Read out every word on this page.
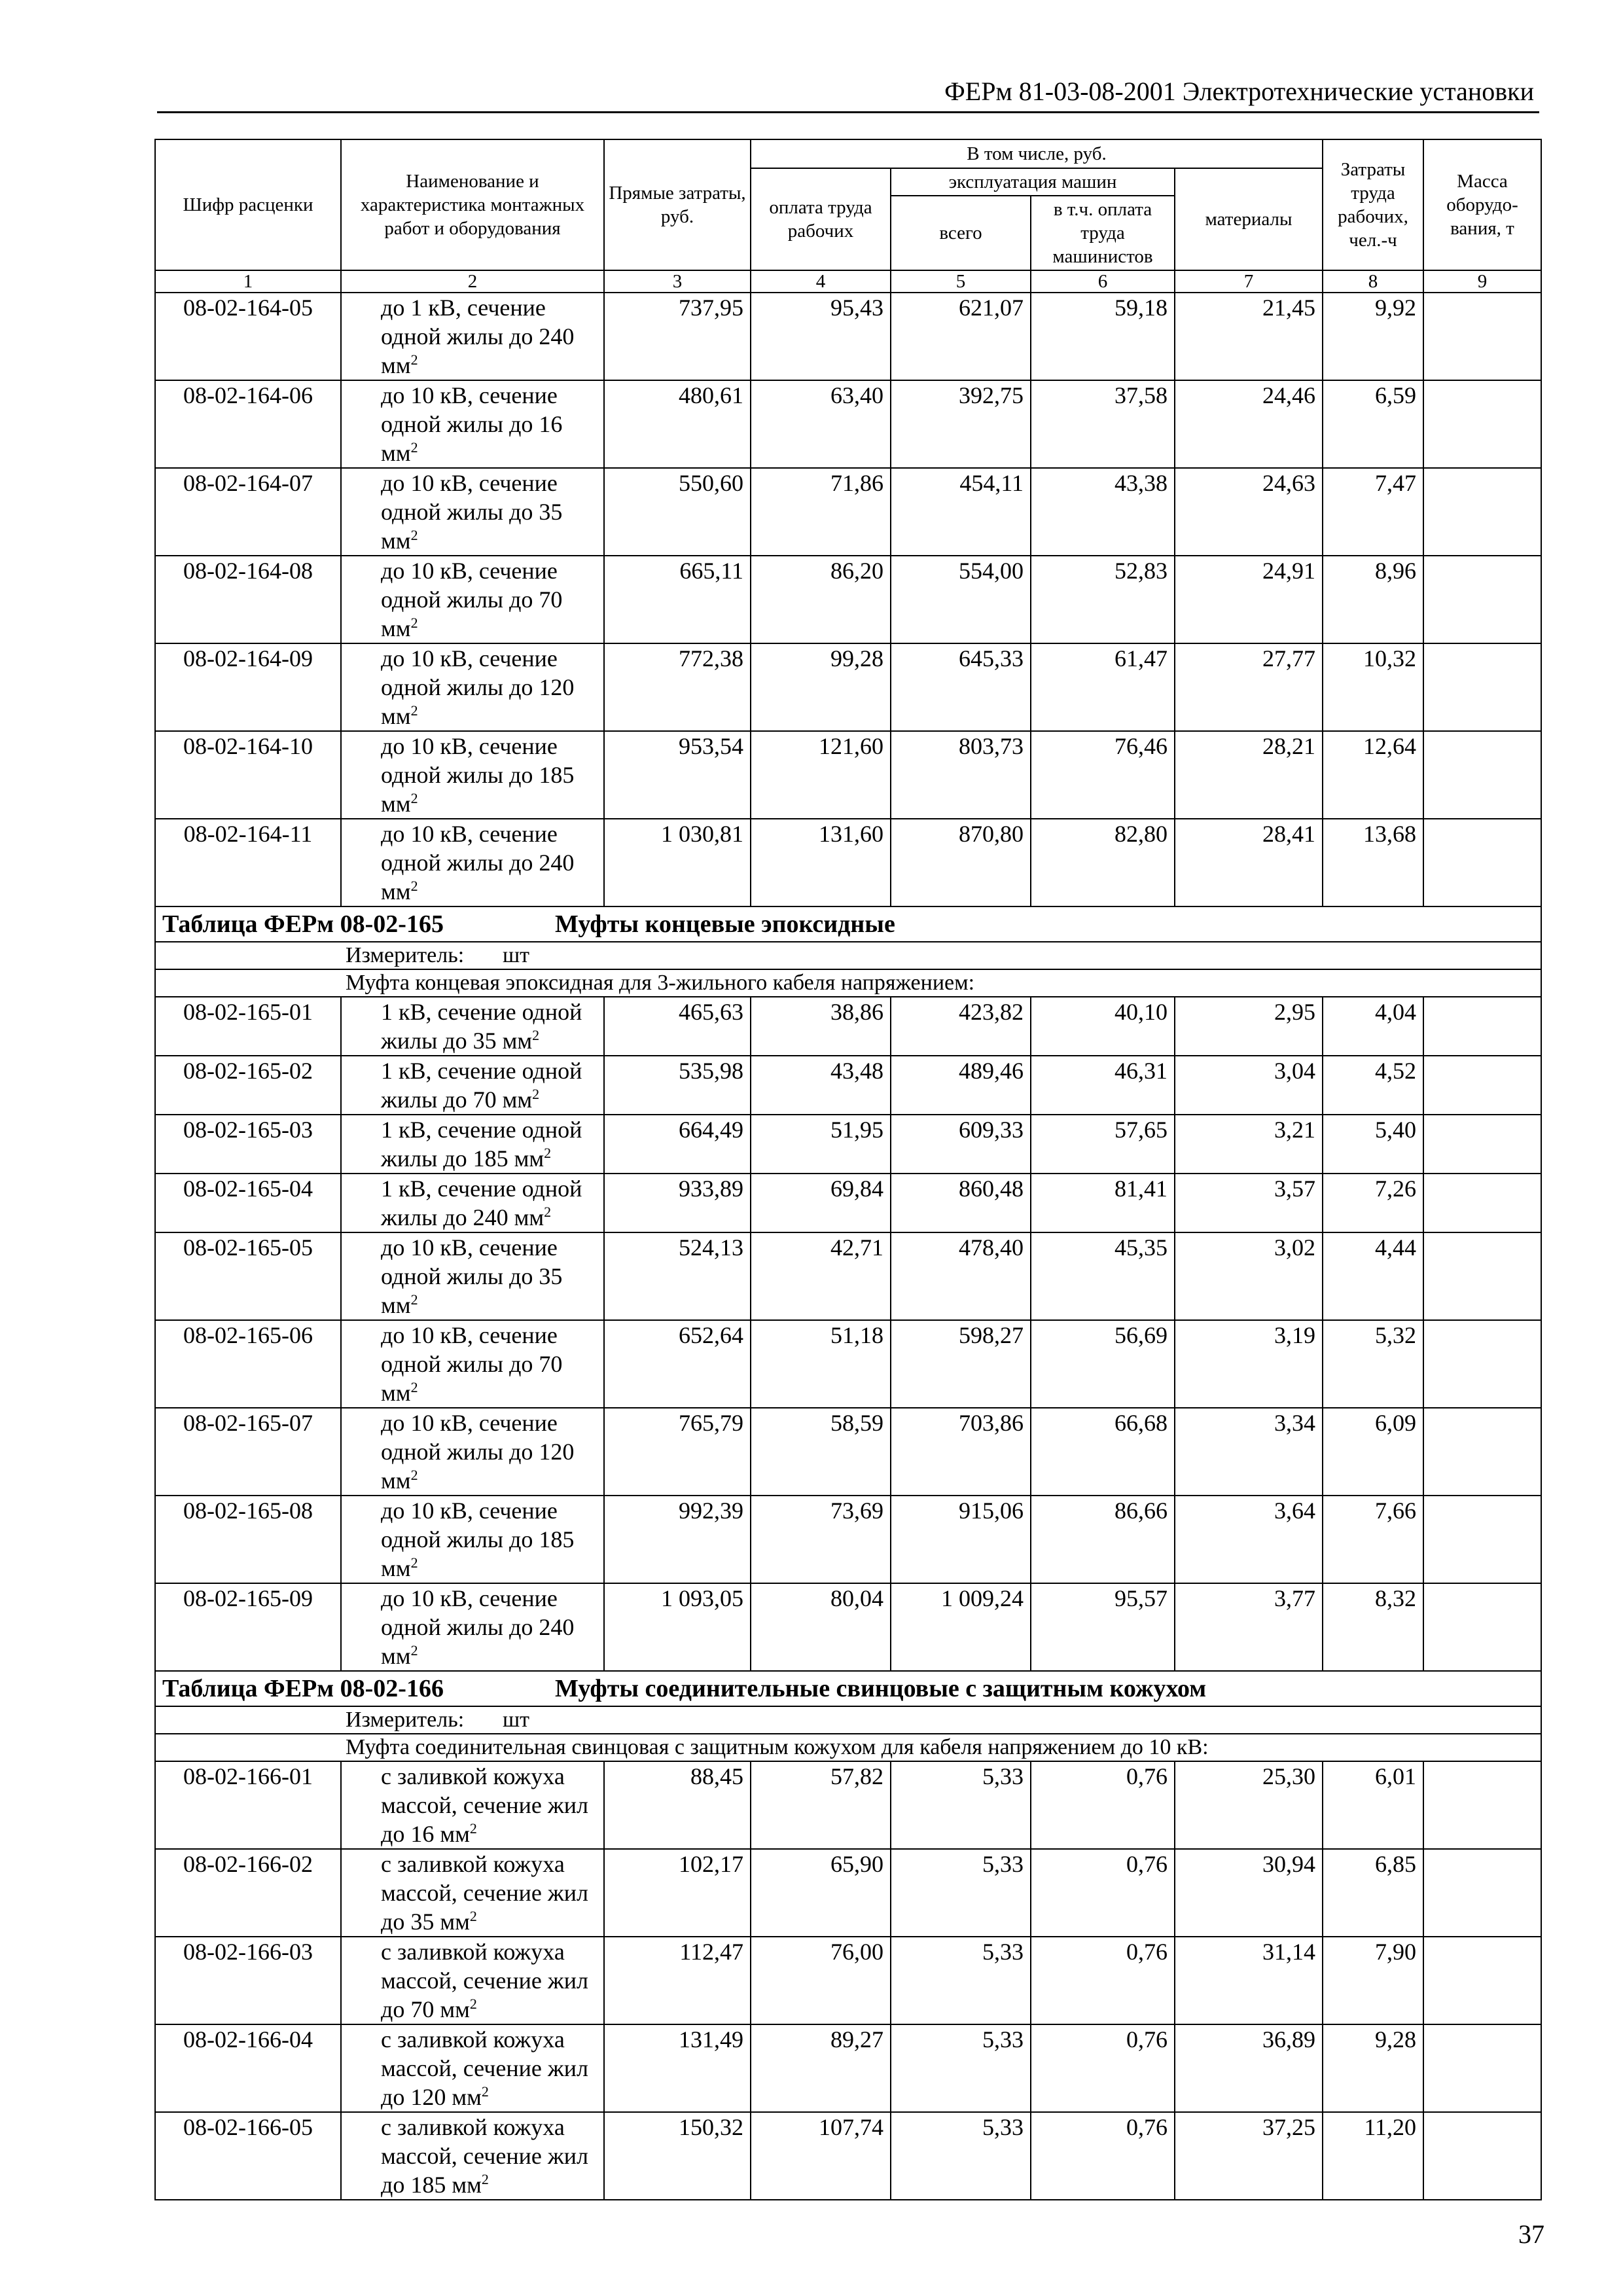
ФЕРм 81-03-08-2001 Электротехнические установки
Шифр расценки	Наименование и характеристика монтажных работ и оборудования	Прямые затраты, руб.	В том числе, руб.				Затраты труда рабочих, чел.-ч	Масса оборудо-вания, т
			оплата труда рабочих	эксплуатация машин		материалы		
				всего	в т.ч. оплата труда машинистов			
1	2	3	4	5	6	7	8	9
08-02-164-05	до 1 кВ, сечение одной жилы до 240 $мм^2$	737,95	95,43	621,07	59,18	21,45	9,92	
08-02-164-06	до 10 кВ, сечение одной жилы до 16 $мм^2$	480,61	63,40	392,75	37,58	24,46	6,59	
08-02-164-07	до 10 кВ, сечение одной жилы до 35 $мм^2$	550,60	71,86	454,11	43,38	24,63	7,47	
08-02-164-08	до 10 кВ, сечение одной жилы до 70 $мм^2$	665,11	86,20	554,00	52,83	24,91	8,96	
08-02-164-09	до 10 кВ, сечение одной жилы до 120 $мм^2$	772,38	99,28	645,33	61,47	27,77	10,32	
08-02-164-10	до 10 кВ, сечение одной жилы до 185 $мм^2$	953,54	121,60	803,73	76,46	28,21	12,64	
08-02-164-11	до 10 кВ, сечение одной жилы до 240 $мм^2$	1 030,81	131,60	870,80	82,80	28,41	13,68	
Таблица ФЕРм 08-02-165 Муфты концевые эпоксидные								
Измеритель: шт								
Муфта концевая эпоксидная для 3-жильного кабеля напряжением:								
08-02-165-01	1 кВ, сечение одной жилы до 35 $мм^2$	465,63	38,86	423,82	40,10	2,95	4,04	
08-02-165-02	1 кВ, сечение одной жилы до 70 $мм^2$	535,98	43,48	489,46	46,31	3,04	4,52	
08-02-165-03	1 кВ, сечение одной жилы до 185 $мм^2$	664,49	51,95	609,33	57,65	3,21	5,40	
08-02-165-04	1 кВ, сечение одной жилы до 240 $мм^2$	933,89	69,84	860,48	81,41	3,57	7,26	
08-02-165-05	до 10 кВ, сечение одной жилы до 35 $мм^2$	524,13	42,71	478,40	45,35	3,02	4,44	
08-02-165-06	до 10 кВ, сечение одной жилы до 70 $мм^2$	652,64	51,18	598,27	56,69	3,19	5,32	
08-02-165-07	до 10 кВ, сечение одной жилы до 120 $мм^2$	765,79	58,59	703,86	66,68	3,34	6,09	
08-02-165-08	до 10 кВ, сечение одной жилы до 185 $мм^2$	992,39	73,69	915,06	86,66	3,64	7,66	
08-02-165-09	до 10 кВ, сечение одной жилы до 240 $мм^2$	1 093,05	80,04	1 009,24	95,57	3,77	8,32	
Таблица ФЕРм 08-02-166 Муфты соединительные свинцовые с защитным кожухом								
Измеритель: шт								
Муфта соединительная свинцовая с защитным кожухом для кабеля напряжением до 10 кВ:								
08-02-166-01	с заливкой кожуха массой, сечение жил до 16 $мм^2$	88,45	57,82	5,33	0,76	25,30	6,01	
08-02-166-02	с заливкой кожуха массой, сечение жил до 35 $мм^2$	102,17	65,90	5,33	0,76	30,94	6,85	
08-02-166-03	с заливкой кожуха массой, сечение жил до 70 $мм^2$	112,47	76,00	5,33	0,76	31,14	7,90	
08-02-166-04	с заливкой кожуха массой, сечение жил до 120 $мм^2$	131,49	89,27	5,33	0,76	36,89	9,28	
08-02-166-05	с заливкой кожуха массой, сечение жил до 185 $мм^2$	150,32	107,74	5,33	0,76	37,25	11,20	
37
